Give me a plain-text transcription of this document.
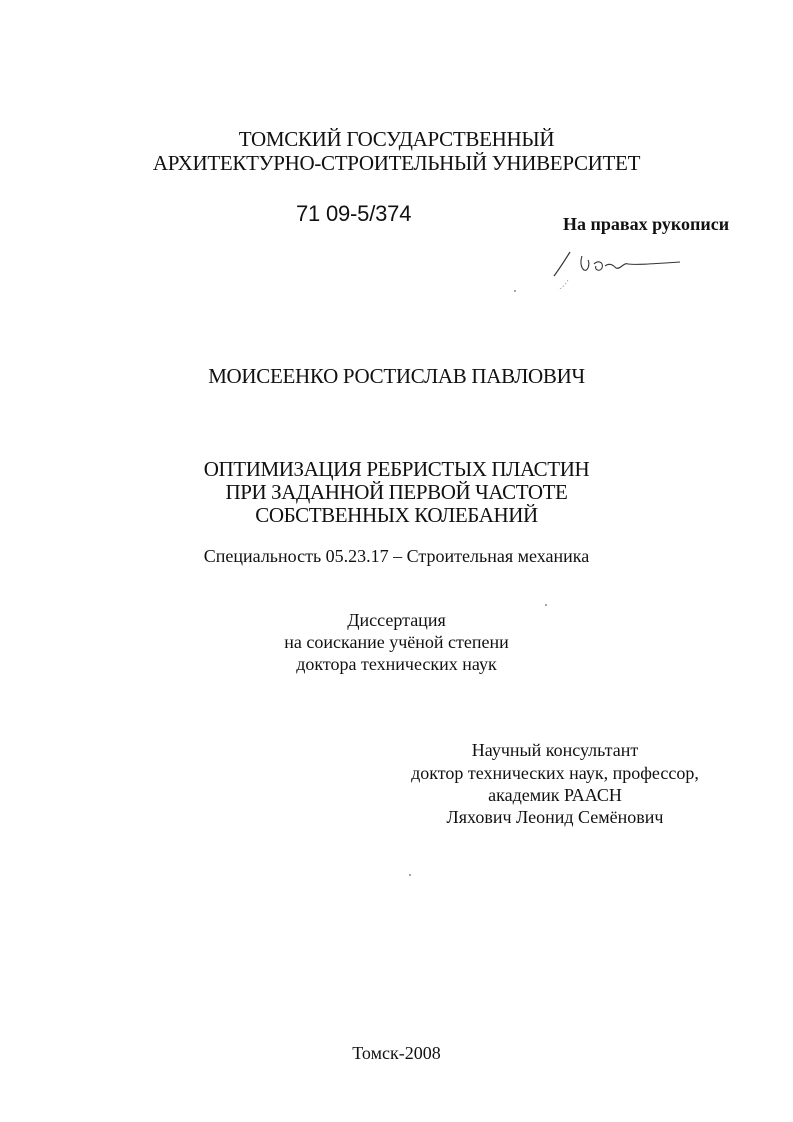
ТОМСКИЙ ГОСУДАРСТВЕННЫЙ
АРХИТЕКТУРНО-СТРОИТЕЛЬНЫЙ УНИВЕРСИТЕТ
71 09-5/374	На правах рукописи
МОИСЕЕНКО РОСТИСЛАВ ПАВЛОВИЧ
ОПТИМИЗАЦИЯ РЕБРИСТЫХ ПЛАСТИН
ПРИ ЗАДАННОЙ ПЕРВОЙ ЧАСТОТЕ
СОБСТВЕННЫХ КОЛЕБАНИЙ
Специальность 05.23.17 – Строительная механика
Диссертация
на соискание учёной степени
доктора технических наук
Научный консультант
доктор технических наук, профессор,
академик РААСН
Ляхович Леонид Семёнович
Томск-2008
